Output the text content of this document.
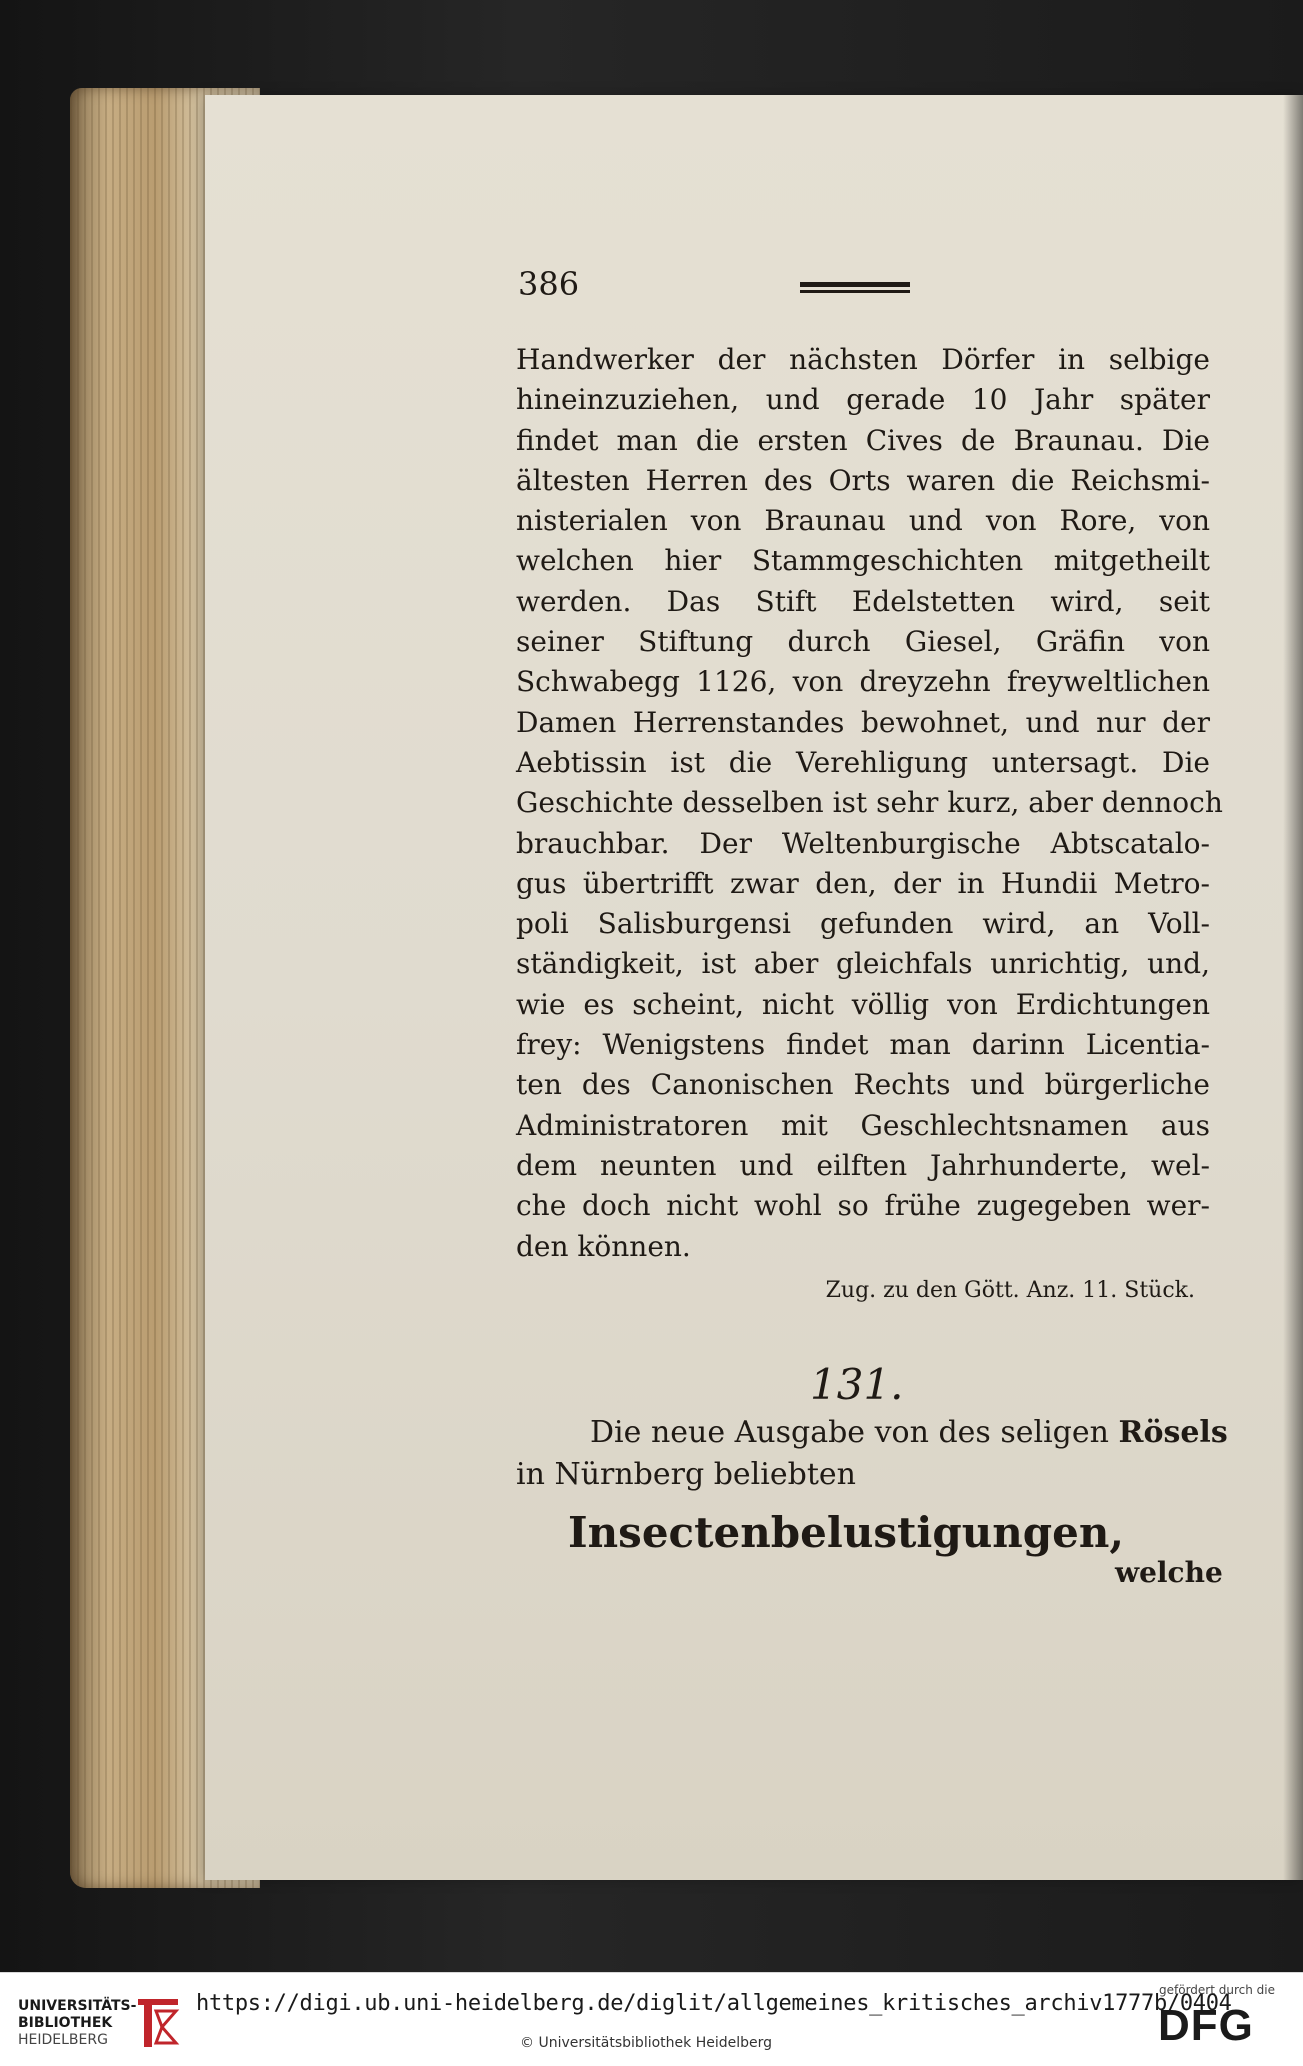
386

Handwerker der nächsten Dörfer in selbige
hineinzuziehen, und gerade 10 Jahr später
findet man die ersten Cives de Braunau. Die
ältesten Herren des Orts waren die Reichsmi-
nisterialen von Braunau und von Rore, von
welchen hier Stammgeschichten mitgetheilt
werden. Das Stift Edelstetten wird, seit
seiner Stiftung durch Giesel, Gräfin von
Schwabegg 1126, von dreyzehn freyweltlichen
Damen Herrenstandes bewohnet, und nur der
Aebtissin ist die Verehligung untersagt. Die
Geschichte desselben ist sehr kurz, aber dennoch
brauchbar. Der Weltenburgische Abtscatalo-
gus übertrifft zwar den, der in Hundii Metro-
poli Salisburgensi gefunden wird, an Voll-
ständigkeit, ist aber gleichfals unrichtig, und,
wie es scheint, nicht völlig von Erdichtungen
frey: Wenigstens findet man darinn Licentia-
ten des Canonischen Rechts und bürgerliche
Administratoren mit Geschlechtsnamen aus
dem neunten und eilften Jahrhunderte, wel-
che doch nicht wohl so frühe zugegeben wer-
den können.

Zug. zu den Gött. Anz. 11. Stück.

131.

Die neue Ausgabe von des seligen Rösels
in Nürnberg beliebten

Insectenbelustigungen,

welche

UNIVERSITÄTS-
BIBLIOTHEK
HEIDELBERG

https://digi.ub.uni-heidelberg.de/diglit/allgemeines_kritisches_archiv1777b/0404

© Universitätsbibliothek Heidelberg

gefördert durch die

DFG
